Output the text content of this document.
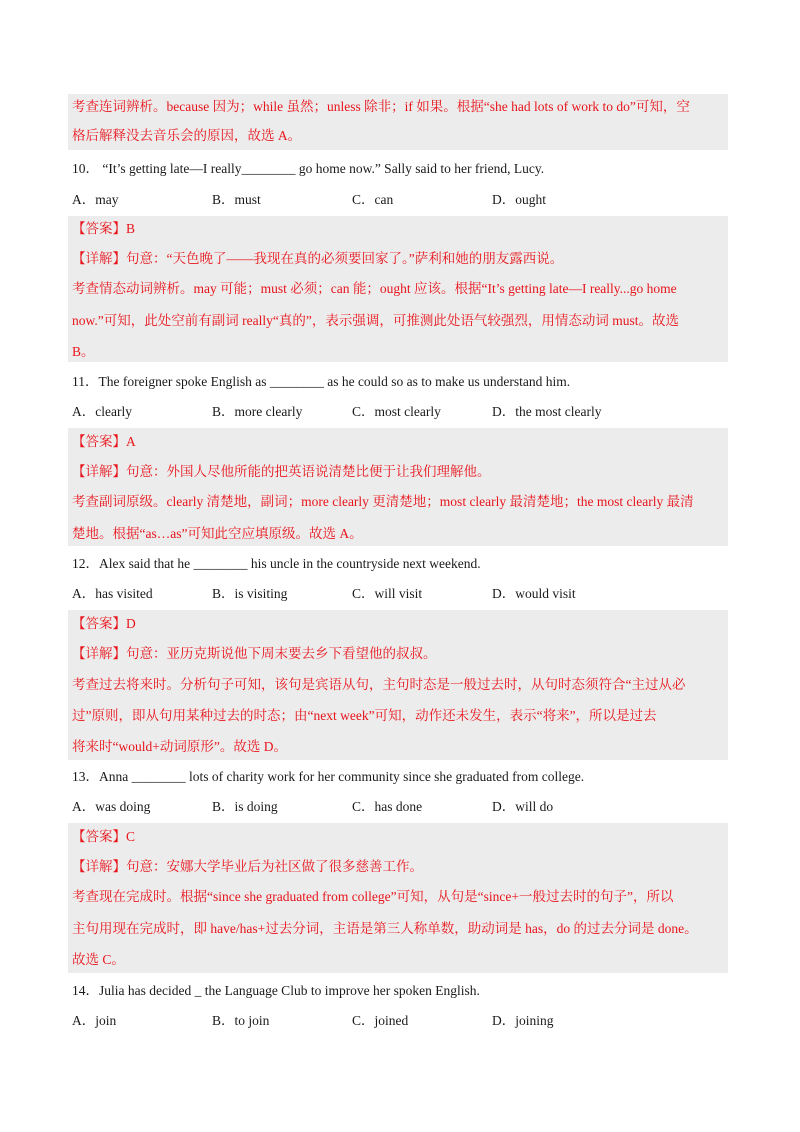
考查连词辨析。because 因为；while 虽然；unless 除非；if 如果。根据“she had lots of work to do”可知，空
格后解释没去音乐会的原因，故选 A。
10． “It’s getting late—I really________ go home now.” Sally said to her friend, Lucy.
A．may	B．must	C．can	D．ought
【答案】B
【详解】句意：“天色晚了——我现在真的必须要回家了。”萨利和她的朋友露西说。
考查情态动词辨析。may 可能；must 必须；can 能；ought 应该。根据“It’s getting late—I really...go home
now.”可知，此处空前有副词 really“真的”，表示强调，可推测此处语气较强烈，用情态动词 must。故选
B。
11．The foreigner spoke English as ________ as he could so as to make us understand him.
A．clearly	B．more clearly	C．most clearly	D．the most clearly
【答案】A
【详解】句意：外国人尽他所能的把英语说清楚比便于让我们理解他。
考查副词原级。clearly 清楚地，副词；more clearly 更清楚地；most clearly 最清楚地；the most clearly 最清
楚地。根据“as…as”可知此空应填原级。故选 A。
12．Alex said that he ________ his uncle in the countryside next weekend.
A．has visited	B．is visiting	C．will visit	D．would visit
【答案】D
【详解】句意：亚历克斯说他下周末要去乡下看望他的叔叔。
考查过去将来时。分析句子可知，该句是宾语从句，主句时态是一般过去时，从句时态须符合“主过从必
过”原则，即从句用某种过去的时态；由“next week”可知，动作还未发生，表示“将来”，所以是过去
将来时“would+动词原形”。故选 D。
13．Anna ________ lots of charity work for her community since she graduated from college.
A．was doing	B．is doing	C．has done	D．will do
【答案】C
【详解】句意：安娜大学毕业后为社区做了很多慈善工作。
考查现在完成时。根据“since she graduated from college”可知，从句是“since+一般过去时的句子”，所以
主句用现在完成时，即 have/has+过去分词，主语是第三人称单数，助动词是 has，do 的过去分词是 done。
故选 C。
14．Julia has decided _ the Language Club to improve her spoken English.
A．join	B．to join	C．joined	D．joining
